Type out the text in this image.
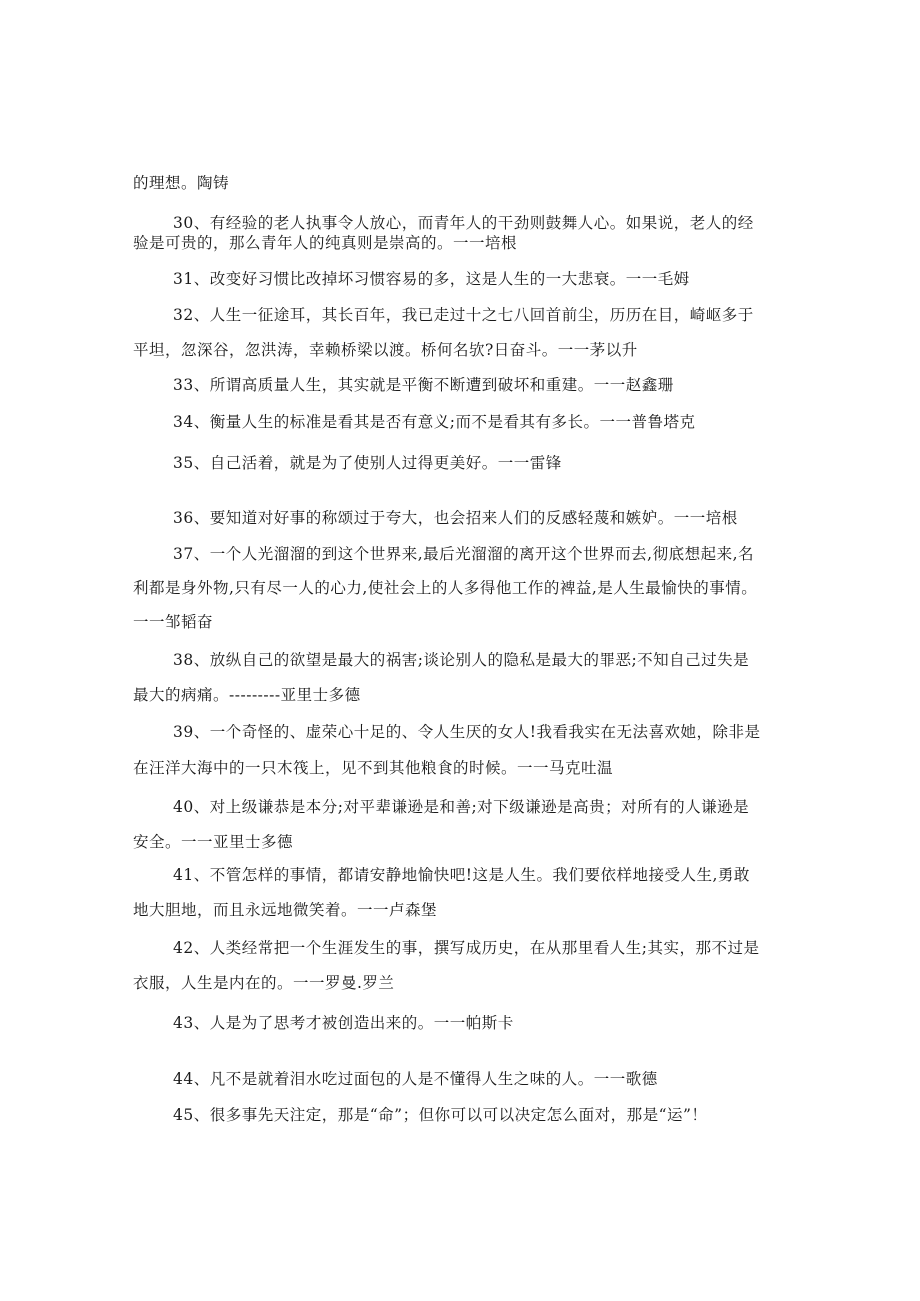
的理想。陶铸
30、有经验的老人执事令人放心，而青年人的干劲则鼓舞人心。如果说，老人的经
验是可贵的，那么青年人的纯真则是崇高的。一一培根
31、改变好习惯比改掉坏习惯容易的多，这是人生的一大悲衰。一一毛姆
32、人生一征途耳，其长百年，我已走过十之七八回首前尘，历历在目，崎岖多于
平坦，忽深谷，忽洪涛，幸赖桥梁以渡。桥何名欤?日奋斗。一一茅以升
33、所谓高质量人生，其实就是平衡不断遭到破坏和重建。一一赵鑫珊
34、衡量人生的标准是看其是否有意义;而不是看其有多长。一一普鲁塔克
35、自己活着，就是为了使别人过得更美好。一一雷锋
36、要知道对好事的称颂过于夸大，也会招来人们的反感轻蔑和嫉妒。一一培根
37、一个人光溜溜的到这个世界来,最后光溜溜的离开这个世界而去,彻底想起来,名
利都是身外物,只有尽一人的心力,使社会上的人多得他工作的裨益,是人生最愉快的事情。
一一邹韬奋
38、放纵自己的欲望是最大的祸害;谈论别人的隐私是最大的罪恶;不知自己过失是
最大的病痛。---------亚里士多德
39、一个奇怪的、虚荣心十足的、令人生厌的女人!我看我实在无法喜欢她，除非是
在汪洋大海中的一只木筏上，见不到其他粮食的时候。一一马克吐温
40、对上级谦恭是本分;对平辈谦逊是和善;对下级谦逊是高贵；对所有的人谦逊是
安全。一一亚里士多德
41、不管怎样的事情，都请安静地愉快吧!这是人生。我们要依样地接受人生,勇敢
地大胆地，而且永远地微笑着。一一卢森堡
42、人类经常把一个生涯发生的事，撰写成历史，在从那里看人生;其实，那不过是
衣服，人生是内在的。一一罗曼.罗兰
43、人是为了思考才被创造出来的。一一帕斯卡
44、凡不是就着泪水吃过面包的人是不懂得人生之味的人。一一歌德
45、很多事先天注定，那是“命”；但你可以可以决定怎么面对，那是“运”！
